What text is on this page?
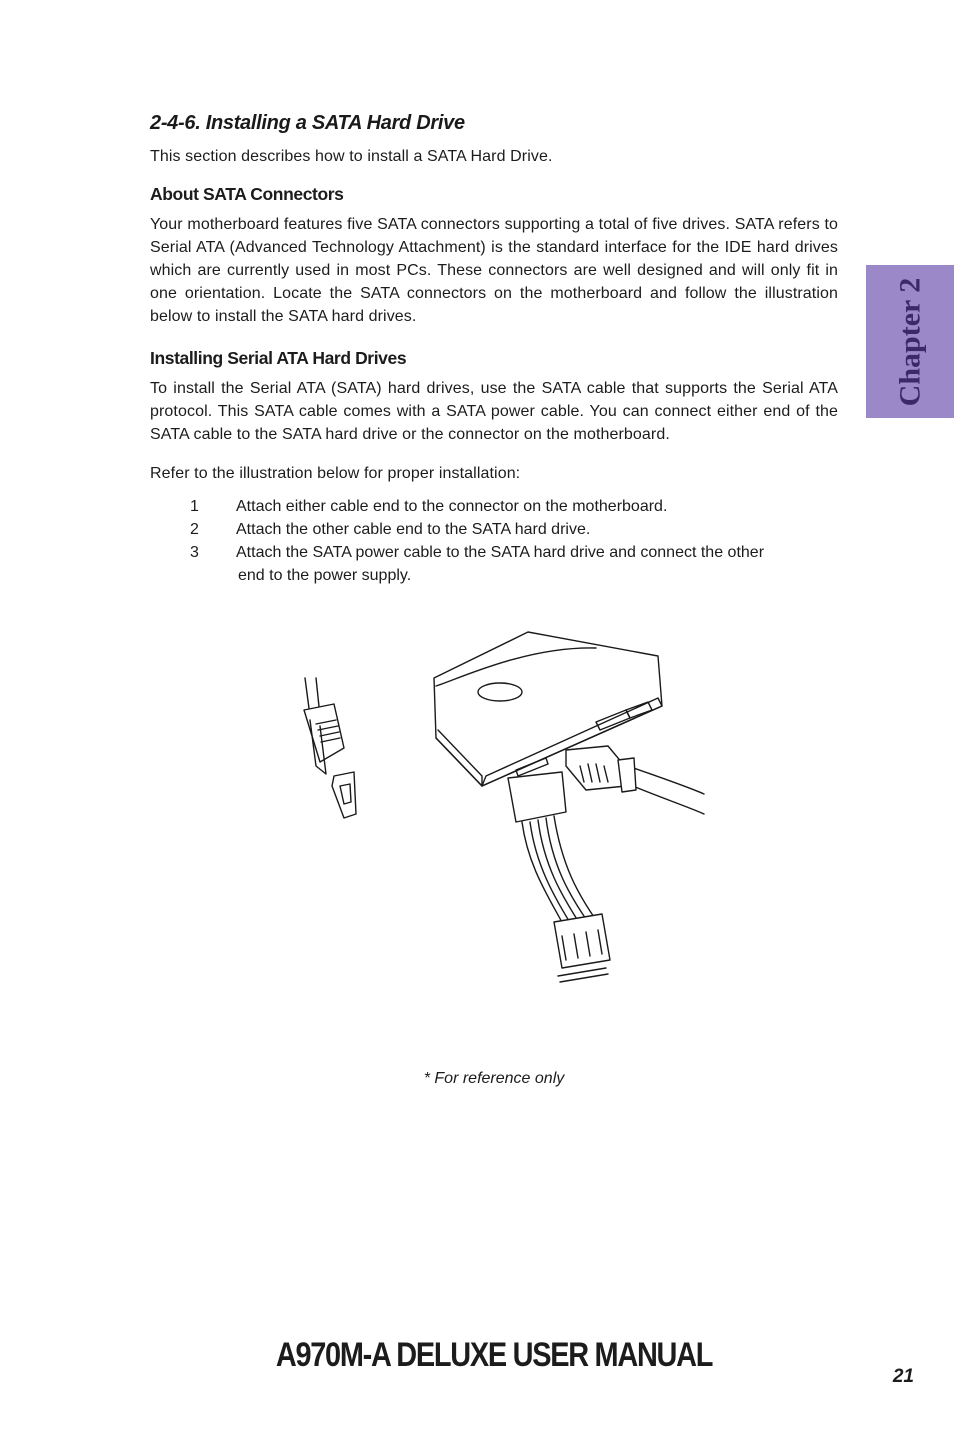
2-4-6. Installing a SATA Hard Drive

This section describes how to install a SATA Hard Drive.

About SATA Connectors

Your motherboard features five SATA connectors supporting a total of five drives. SATA refers to Serial ATA (Advanced Technology Attachment) is the standard interface for the IDE hard drives which are currently used in most PCs. These connectors are well designed and will only fit in one orientation. Locate the SATA connectors on the motherboard and follow the illustration below to install the SATA hard drives.

Installing Serial ATA Hard Drives

To install the Serial ATA (SATA) hard drives, use the SATA cable that supports the Serial ATA protocol. This SATA cable comes with a SATA power cable. You can connect either end of the SATA cable to the SATA hard drive or the connector on the motherboard.

Refer to the illustration below for proper installation:

1	Attach either cable end to the connector on the motherboard.
2	Attach the other cable end to the SATA hard drive.
3	Attach the SATA power cable to the SATA hard drive and connect the other
end to the power supply.
Chapter 2
* For reference only
A970M-A DELUXE USER MANUAL
21
